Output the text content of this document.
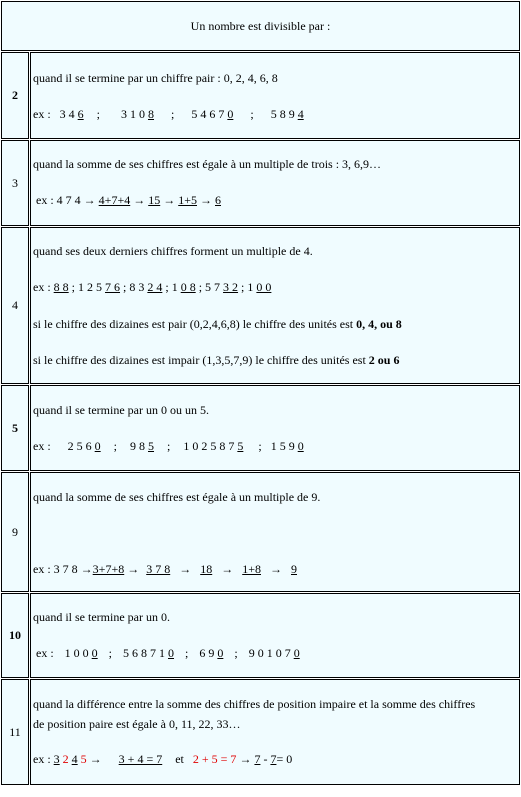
Un nombre est divisible par :	
2	quand il se termine par un chiffre pair : 0, 2, 4, 6, 8
ex : 3 4 6 ; 3 1 0 8 ; 5 4 6 7 0 ; 5 8 9 4

3	quand la somme de ses chiffres est égale à un multiple de trois : 3, 6,9…
ex : 4 7 4 → 4+7+4 → 15 → 1+5 → 6

4	quand ses deux derniers chiffres forment un multiple de 4.
ex : 8 8 ; 1 2 5 7 6 ; 8 3 2 4 ; 1 0 8 ; 5 7 3 2 ; 1 0 0
si le chiffre des dizaines est pair (0,2,4,6,8) le chiffre des unités est 0, 4, ou 8
si le chiffre des dizaines est impair (1,3,5,7,9) le chiffre des unités est 2 ou 6

5	quand il se termine par un 0 ou un 5.
ex : 2 5 6 0 ; 9 8 5 ; 1 0 2 5 8 7 5 ; 1 5 9 0

9	quand la somme de ses chiffres est égale à un multiple de 9.
ex : 3 7 8 →3+7+8 → 3 7 8 → 18 → 1+8 → 9

10	quand il se termine par un 0.
ex : 1 0 0 0 ; 5 6 8 7 1 0 ; 6 9 0 ; 9 0 1 0 7 0

11	quand la différence entre la somme des chiffres de position impaire et la somme des chiffres
de position paire est égale à 0, 11, 22, 33…
ex : 3 2 4 5 → 3 + 4 = 7 et 2 + 5 = 7 → 7 - 7= 0
